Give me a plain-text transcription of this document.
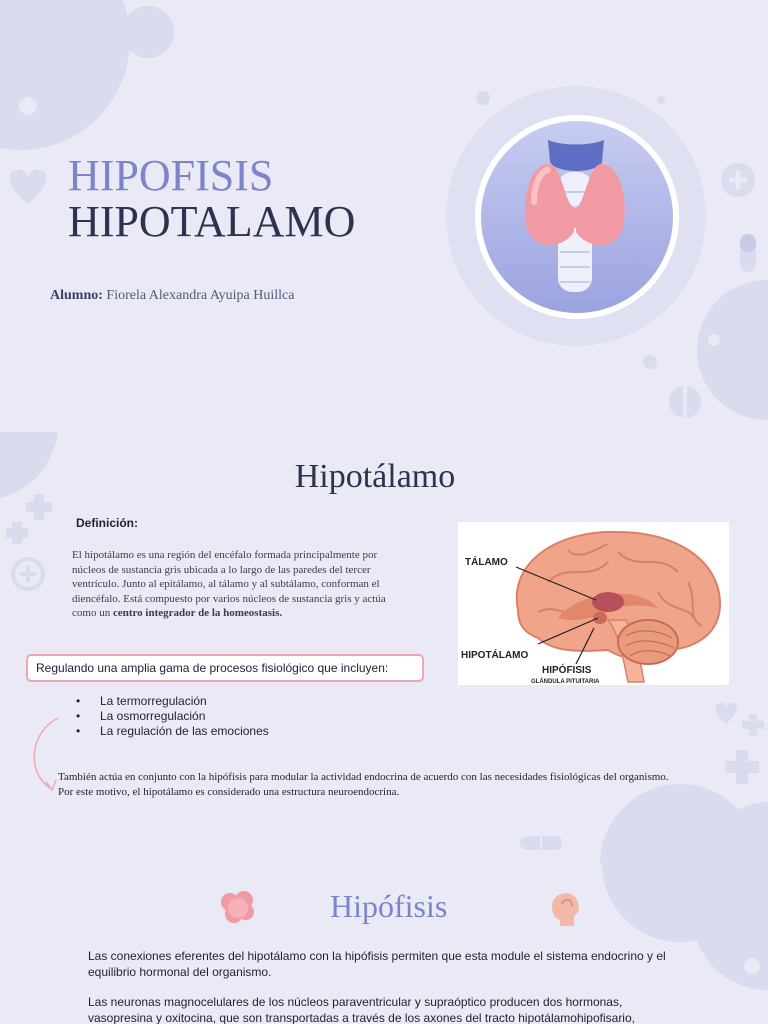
HIPOFISIS
HIPOTALAMO
Alumno: Fiorela Alexandra Ayuipa Huillca
Hipotálamo
Definición:
El hipotálamo es una región del encéfalo formada principalmente por núcleos de sustancia gris ubicada a lo largo de las paredes del tercer ventrículo. Junto al epitálamo, al tálamo y al subtálamo, conforman el diencéfalo. Está compuesto por varios núcleos de sustancia gris y actúa como un centro integrador de la homeostasis.
TÁLAMO
HIPOTÁLAMO
HIPÓFISIS
GLÁNDULA PITUITARIA
Regulando una amplia gama de procesos fisiológico que incluyen:
• La termorregulación
• La osmorregulación
• La regulación de las emociones
También actúa en conjunto con la hipófisis para modular la actividad endocrina de acuerdo con las necesidades fisiológicas del organismo. Por este motivo, el hipotálamo es considerado una estructura neuroendocrina.
Hipófisis
Las conexiones eferentes del hipotálamo con la hipófisis permiten que esta module el sistema endocrino y el equilibrio hormonal del organismo.
Las neuronas magnocelulares de los núcleos paraventricular y supraóptico producen dos hormonas, vasopresina y oxitocina, que son transportadas a través de los axones del tracto hipotálamohipofisario,
